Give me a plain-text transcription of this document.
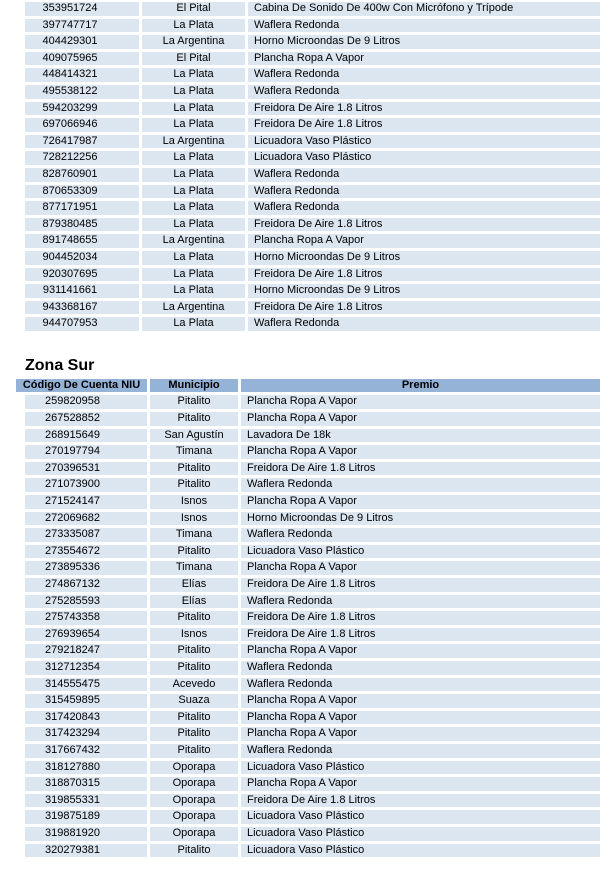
353951724	El Pital	Cabina De Sonido De 400w Con Micrófono y Trípode
397747717	La Plata	Waflera Redonda
404429301	La Argentina	Horno Microondas De 9 Litros
409075965	El Pital	Plancha Ropa A Vapor
448414321	La Plata	Waflera Redonda
495538122	La Plata	Waflera Redonda
594203299	La Plata	Freidora De Aire 1.8 Litros
697066946	La Plata	Freidora De Aire 1.8 Litros
726417987	La Argentina	Licuadora Vaso Plástico
728212256	La Plata	Licuadora Vaso Plástico
828760901	La Plata	Waflera Redonda
870653309	La Plata	Waflera Redonda
877171951	La Plata	Waflera Redonda
879380485	La Plata	Freidora De Aire 1.8 Litros
891748655	La Argentina	Plancha Ropa A Vapor
904452034	La Plata	Horno Microondas De 9 Litros
920307695	La Plata	Freidora De Aire 1.8 Litros
931141661	La Plata	Horno Microondas De 9 Litros
943368167	La Argentina	Freidora De Aire 1.8 Litros
944707953	La Plata	Waflera Redonda
Zona Sur
Código De Cuenta NIU	Municipio	Premio
259820958	Pitalito	Plancha Ropa A Vapor
267528852	Pitalito	Plancha Ropa A Vapor
268915649	San Agustín	Lavadora De 18k
270197794	Timana	Plancha Ropa A Vapor
270396531	Pitalito	Freidora De Aire 1.8 Litros
271073900	Pitalito	Waflera Redonda
271524147	Isnos	Plancha Ropa A Vapor
272069682	Isnos	Horno Microondas De 9 Litros
273335087	Timana	Waflera Redonda
273554672	Pitalito	Licuadora Vaso Plástico
273895336	Timana	Plancha Ropa A Vapor
274867132	Elías	Freidora De Aire 1.8 Litros
275285593	Elías	Waflera Redonda
275743358	Pitalito	Freidora De Aire 1.8 Litros
276939654	Isnos	Freidora De Aire 1.8 Litros
279218247	Pitalito	Plancha Ropa A Vapor
312712354	Pitalito	Waflera Redonda
314555475	Acevedo	Waflera Redonda
315459895	Suaza	Plancha Ropa A Vapor
317420843	Pitalito	Plancha Ropa A Vapor
317423294	Pitalito	Plancha Ropa A Vapor
317667432	Pitalito	Waflera Redonda
318127880	Oporapa	Licuadora Vaso Plástico
318870315	Oporapa	Plancha Ropa A Vapor
319855331	Oporapa	Freidora De Aire 1.8 Litros
319875189	Oporapa	Licuadora Vaso Plástico
319881920	Oporapa	Licuadora Vaso Plástico
320279381	Pitalito	Licuadora Vaso Plástico
